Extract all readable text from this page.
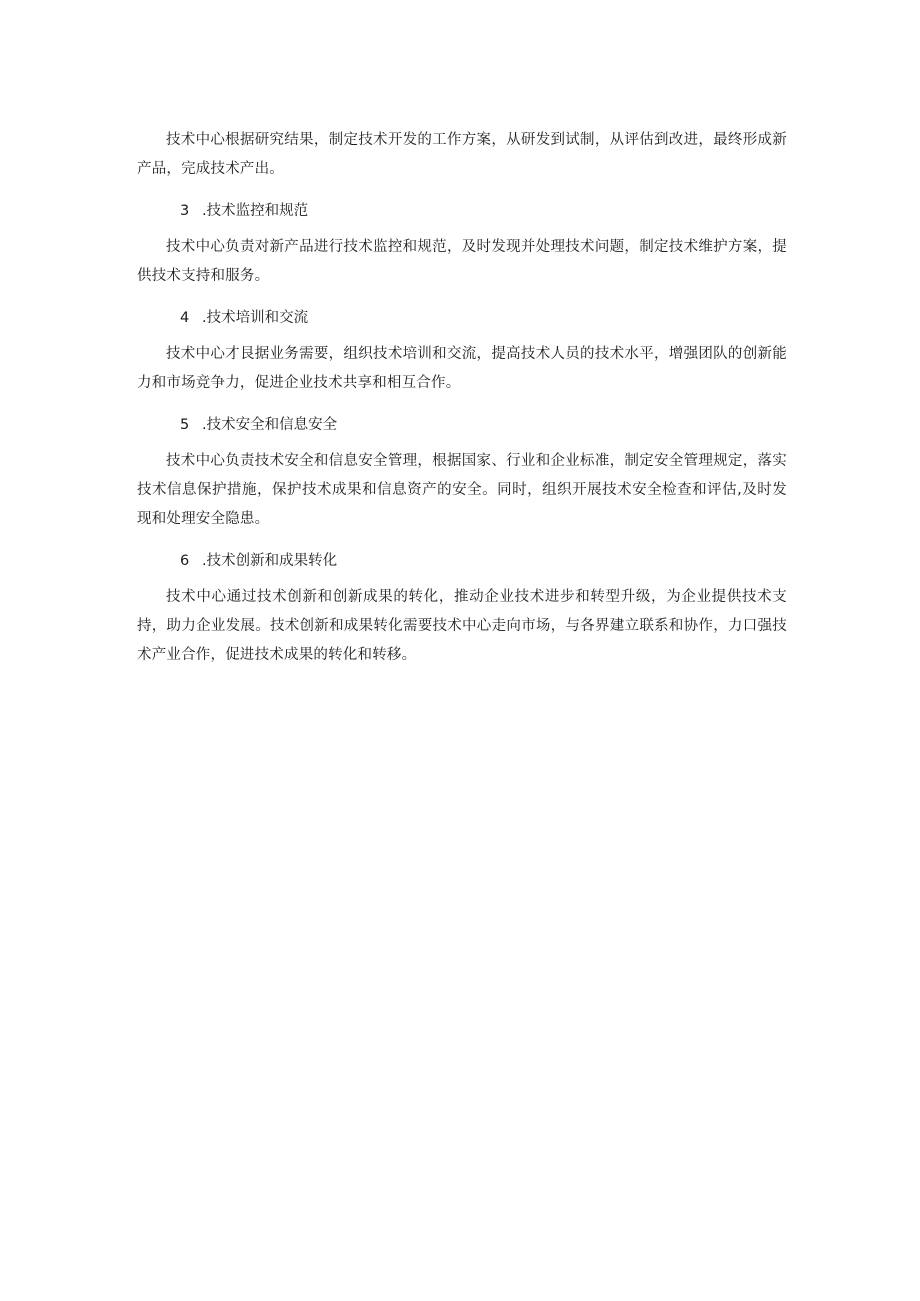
技术中心根据研究结果，制定技术开发的工作方案，从研发到试制，从评估到改进，最终形成新产品，完成技术产出。

3 .技术监控和规范

技术中心负责对新产品进行技术监控和规范，及时发现并处理技术问题，制定技术维护方案，提供技术支持和服务。

4 .技术培训和交流

技术中心才艮据业务需要，组织技术培训和交流，提高技术人员的技术水平，增强团队的创新能力和市场竞争力，促进企业技术共享和相互合作。

5 .技术安全和信息安全

技术中心负责技术安全和信息安全管理，根据国家、行业和企业标准，制定安全管理规定，落实技术信息保护措施，保护技术成果和信息资产的安全。同时，组织开展技术安全检查和评估,及时发现和处理安全隐患。

6 .技术创新和成果转化

技术中心通过技术创新和创新成果的转化，推动企业技术进步和转型升级，为企业提供技术支持，助力企业发展。技术创新和成果转化需要技术中心走向市场，与各界建立联系和协作，力口强技术产业合作，促进技术成果的转化和转移。
